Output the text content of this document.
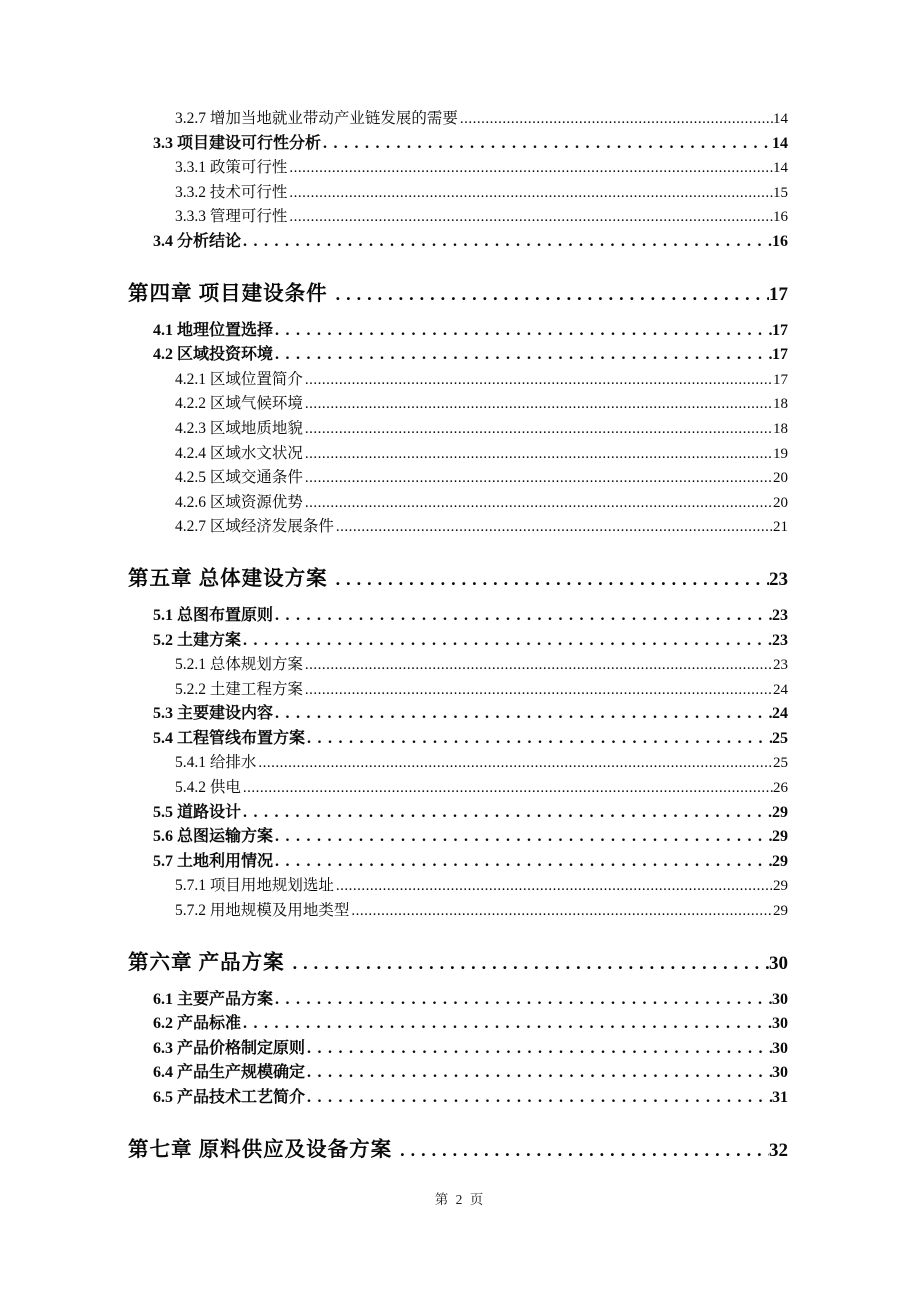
3.2.7 增加当地就业带动产业链发展的需要 .....	14
3.3 项目建设可行性分析 .....	14
3.3.1 政策可行性 .....	14
3.3.2 技术可行性 .....	15
3.3.3 管理可行性 .....	16
3.4 分析结论 .....	16
第四章 项目建设条件 .....	17
4.1 地理位置选择 .....	17
4.2 区域投资环境 .....	17
4.2.1 区域位置简介 .....	17
4.2.2 区域气候环境 .....	18
4.2.3 区域地质地貌 .....	18
4.2.4 区域水文状况 .....	19
4.2.5 区域交通条件 .....	20
4.2.6 区域资源优势 .....	20
4.2.7 区域经济发展条件 .....	21
第五章 总体建设方案 .....	23
5.1 总图布置原则 .....	23
5.2 土建方案 .....	23
5.2.1 总体规划方案 .....	23
5.2.2 土建工程方案 .....	24
5.3 主要建设内容 .....	24
5.4 工程管线布置方案 .....	25
5.4.1 给排水 .....	25
5.4.2 供电 .....	26
5.5 道路设计 .....	29
5.6 总图运输方案 .....	29
5.7 土地利用情况 .....	29
5.7.1 项目用地规划选址 .....	29
5.7.2 用地规模及用地类型 .....	29
第六章 产品方案 .....	30
6.1 主要产品方案 .....	30
6.2 产品标准 .....	30
6.3 产品价格制定原则 .....	30
6.4 产品生产规模确定 .....	30
6.5 产品技术工艺简介 .....	31
第七章 原料供应及设备方案 .....	32
第 2 页
